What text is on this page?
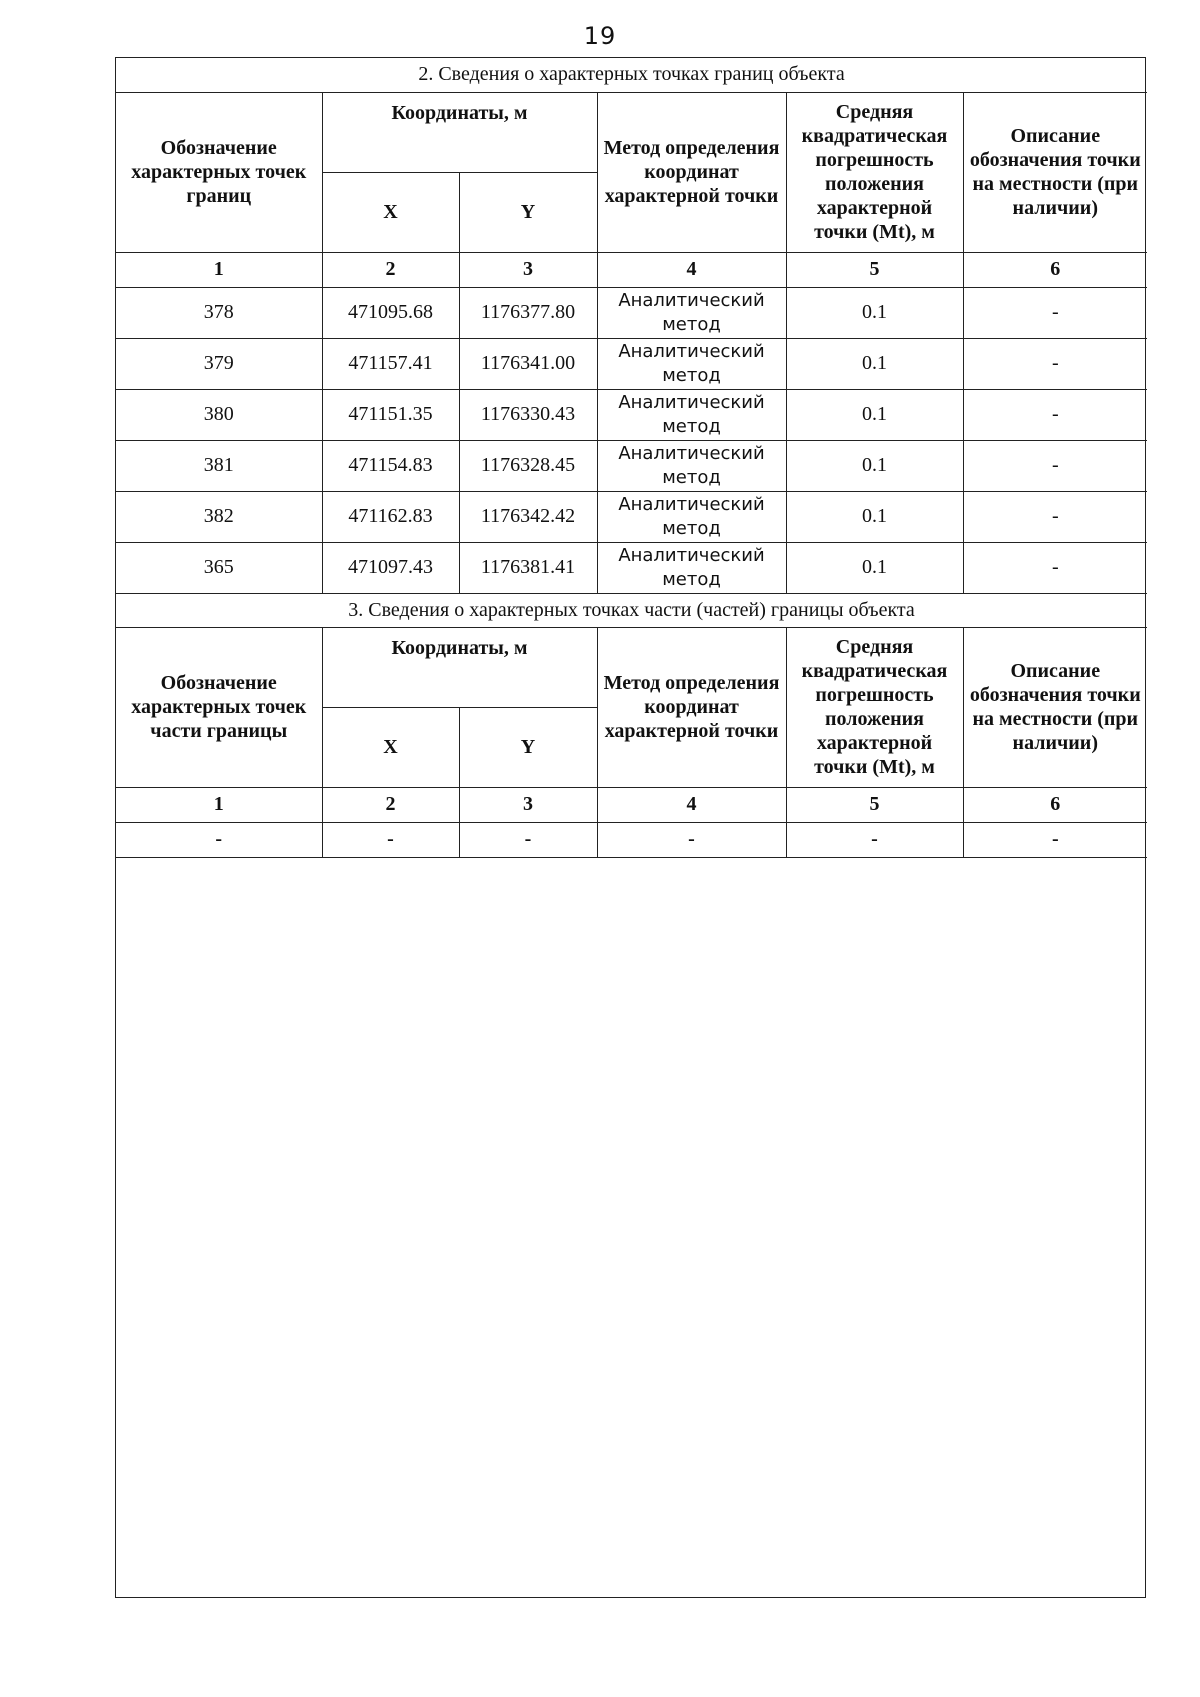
19
2. Сведения о характерных точках границ объекта					
Обозначение характерных точек границ	Координаты, м		Метод определения координат характерной точки	Средняя квадратическая погрешность положения характерной точки (Mt), м	Описание обозначения точки на местности (при наличии)
	X	Y			
1	2	3	4	5	6
378	471095.68	1176377.80	Аналитический метод	0.1	-
379	471157.41	1176341.00	Аналитический метод	0.1	-
380	471151.35	1176330.43	Аналитический метод	0.1	-
381	471154.83	1176328.45	Аналитический метод	0.1	-
382	471162.83	1176342.42	Аналитический метод	0.1	-
365	471097.43	1176381.41	Аналитический метод	0.1	-
3. Сведения о характерных точках части (частей) границы объекта					
Обозначение характерных точек части границы	Координаты, м		Метод определения координат характерной точки	Средняя квадратическая погрешность положения характерной точки (Mt), м	Описание обозначения точки на местности (при наличии)
	X	Y			
1	2	3	4	5	6
-	-	-	-	-	-
